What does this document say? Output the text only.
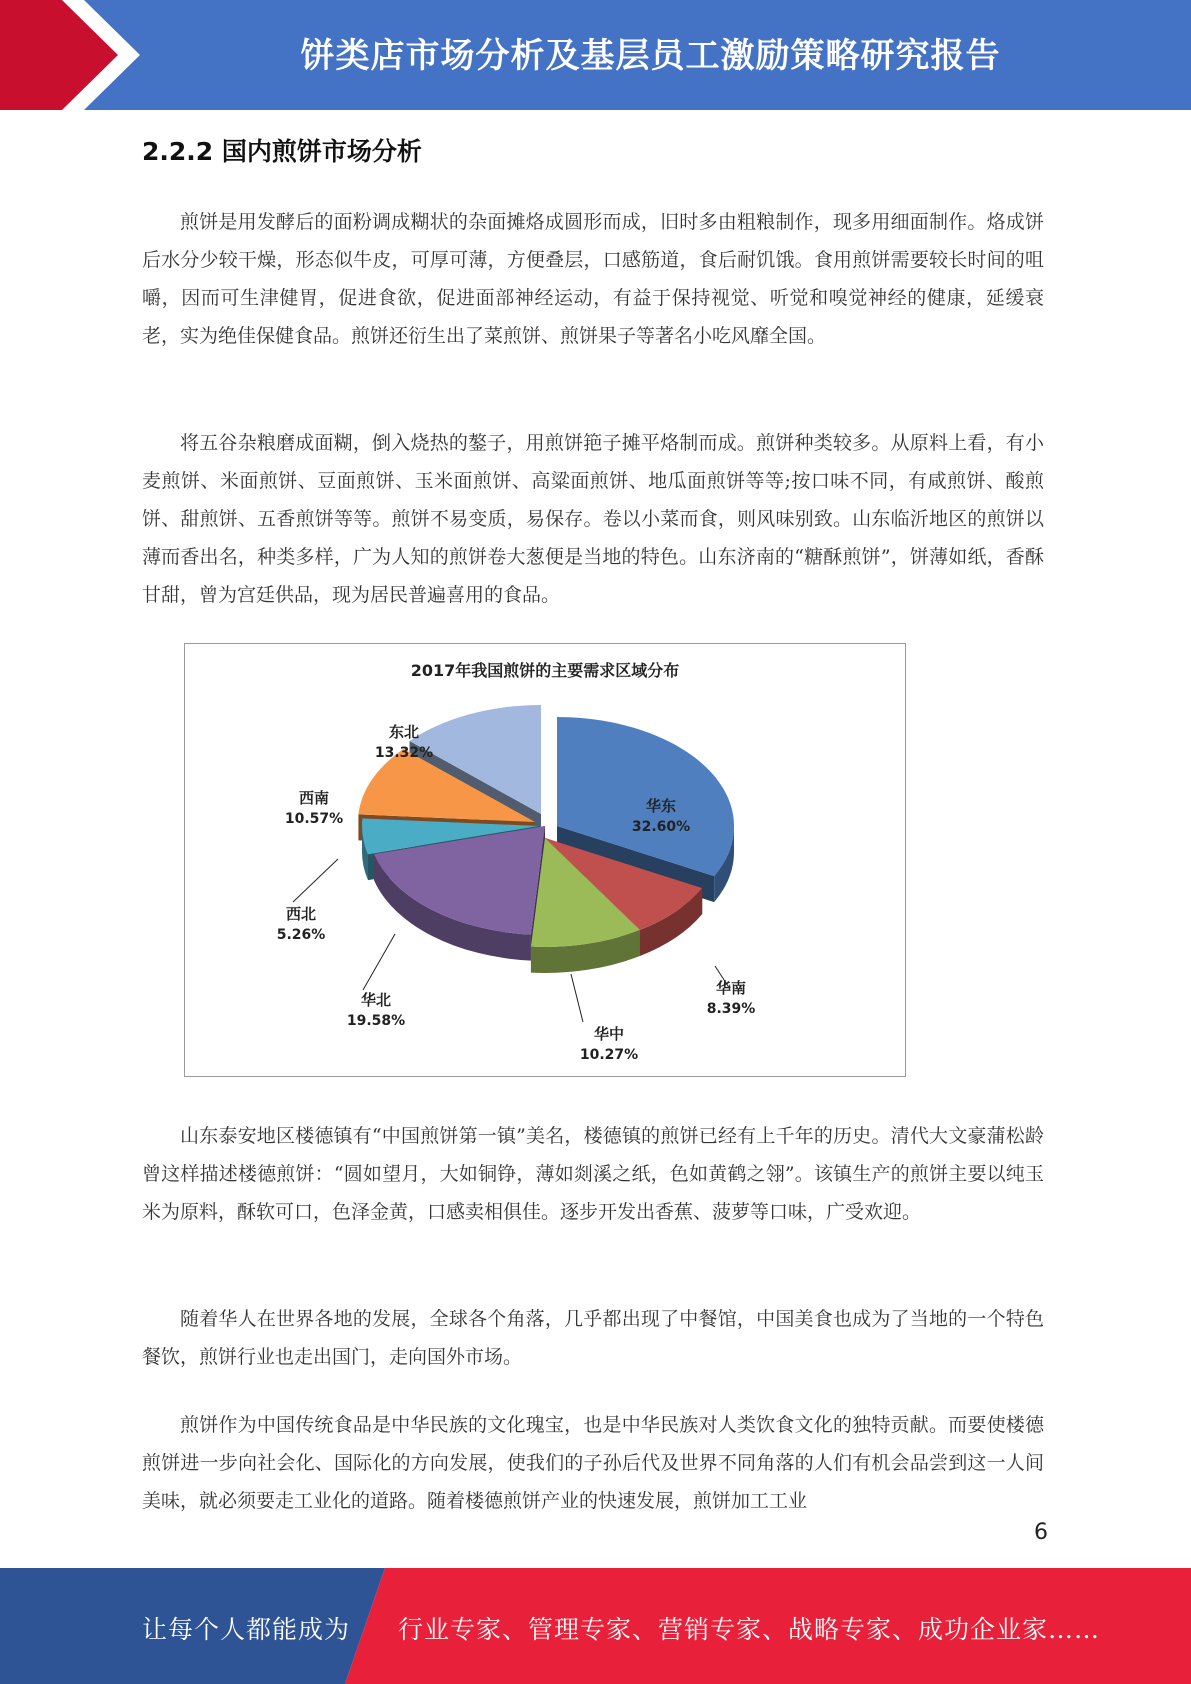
饼类店市场分析及基层员工激励策略研究报告
2.2.2 国内煎饼市场分析

煎饼是用发酵后的面粉调成糊状的杂面摊烙成圆形而成，旧时多由粗粮制作，现多用细面制作。烙成饼后水分少较干燥，形态似牛皮，可厚可薄，方便叠层，口感筋道，食后耐饥饿。食用煎饼需要较长时间的咀嚼，因而可生津健胃，促进食欲，促进面部神经运动，有益于保持视觉、听觉和嗅觉神经的健康，延缓衰老，实为绝佳保健食品。煎饼还衍生出了菜煎饼、煎饼果子等著名小吃风靡全国。

将五谷杂粮磨成面糊，倒入烧热的鏊子，用煎饼筢子摊平烙制而成。煎饼种类较多。从原料上看，有小麦煎饼、米面煎饼、豆面煎饼、玉米面煎饼、高粱面煎饼、地瓜面煎饼等等;按口味不同，有咸煎饼、酸煎饼、甜煎饼、五香煎饼等等。煎饼不易变质，易保存。卷以小菜而食，则风味别致。山东临沂地区的煎饼以薄而香出名，种类多样，广为人知的煎饼卷大葱便是当地的特色。山东济南的“糖酥煎饼”，饼薄如纸，香酥甘甜，曾为宫廷供品，现为居民普遍喜用的食品。

2017年我国煎饼的主要需求区域分布
华东
32.60%
华南
8.39%
华中
10.27%
华北
19.58%
西北
5.26%
西南
10.57%
东北
13.32%

山东泰安地区楼德镇有“中国煎饼第一镇”美名，楼德镇的煎饼已经有上千年的历史。清代大文豪蒲松龄曾这样描述楼德煎饼：“圆如望月，大如铜铮，薄如剡溪之纸，色如黄鹤之翎”。该镇生产的煎饼主要以纯玉米为原料，酥软可口，色泽金黄，口感卖相俱佳。逐步开发出香蕉、菠萝等口味，广受欢迎。

随着华人在世界各地的发展，全球各个角落，几乎都出现了中餐馆，中国美食也成为了当地的一个特色餐饮，煎饼行业也走出国门，走向国外市场。

煎饼作为中国传统食品是中华民族的文化瑰宝，也是中华民族对人类饮食文化的独特贡献。而要使楼德煎饼进一步向社会化、国际化的方向发展，使我们的子孙后代及世界不同角落的人们有机会品尝到这一人间美味，就必须要走工业化的道路。随着楼德煎饼产业的快速发展，煎饼加工工业

6
让每个人都能成为 行业专家、管理专家、营销专家、战略专家、成功企业家……
